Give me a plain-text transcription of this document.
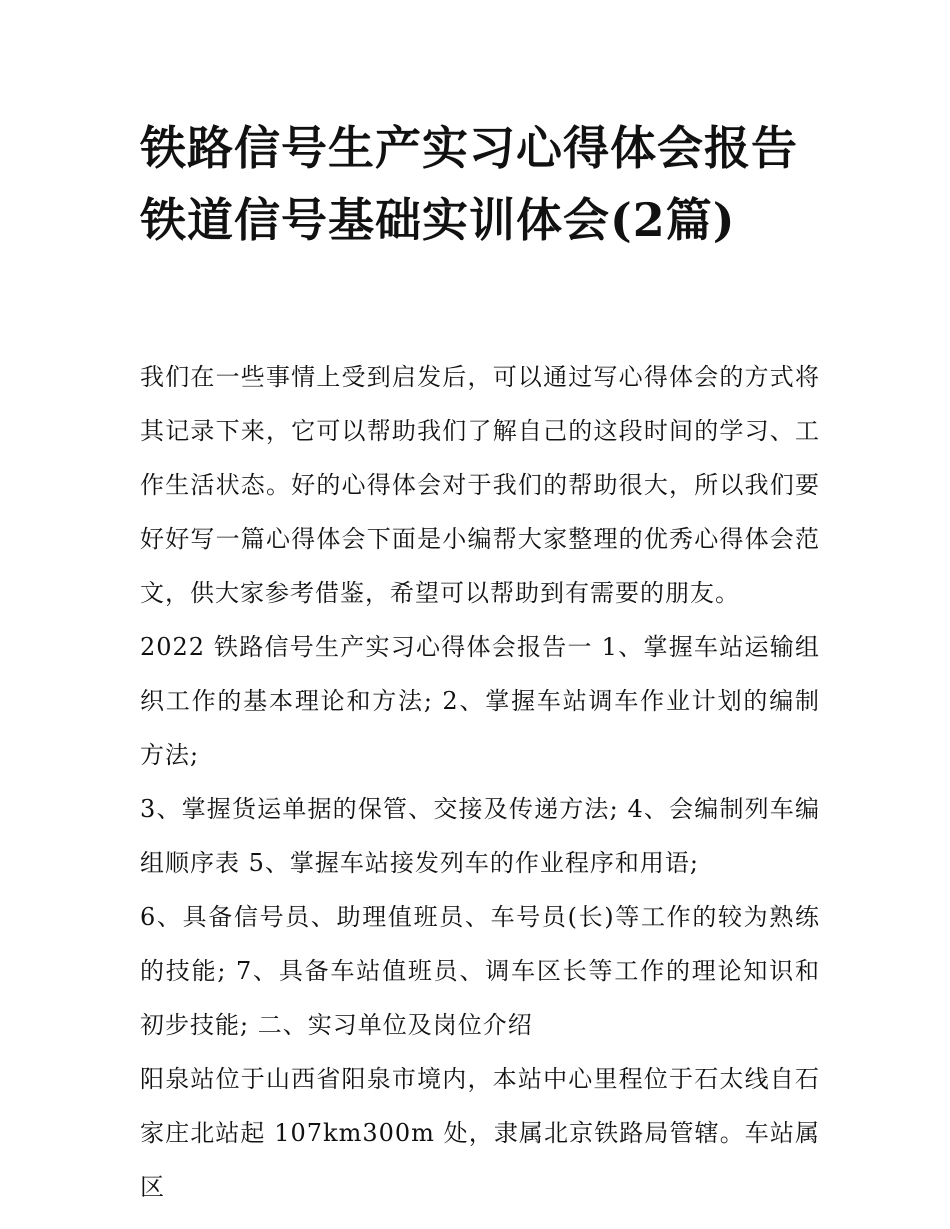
铁路信号生产实习心得体会报告 铁道信号基础实训体会(2篇)

我们在一些事情上受到启发后，可以通过写心得体会的方式将其记录下来，它可以帮助我们了解自己的这段时间的学习、工作生活状态。好的心得体会对于我们的帮助很大，所以我们要好好写一篇心得体会下面是小编帮大家整理的优秀心得体会范文，供大家参考借鉴，希望可以帮助到有需要的朋友。

2022 铁路信号生产实习心得体会报告一 1、掌握车站运输组织工作的基本理论和方法; 2、掌握车站调车作业计划的编制方法;

3、掌握货运单据的保管、交接及传递方法; 4、会编制列车编组顺序表 5、掌握车站接发列车的作业程序和用语;

6、具备信号员、助理值班员、车号员(长)等工作的较为熟练的技能; 7、具备车站值班员、调车区长等工作的理论知识和初步技能; 二、实习单位及岗位介绍

阳泉站位于山西省阳泉市境内，本站中心里程位于石太线自石家庄北站起 107km300m 处，隶属北京铁路局管辖。车站属区
